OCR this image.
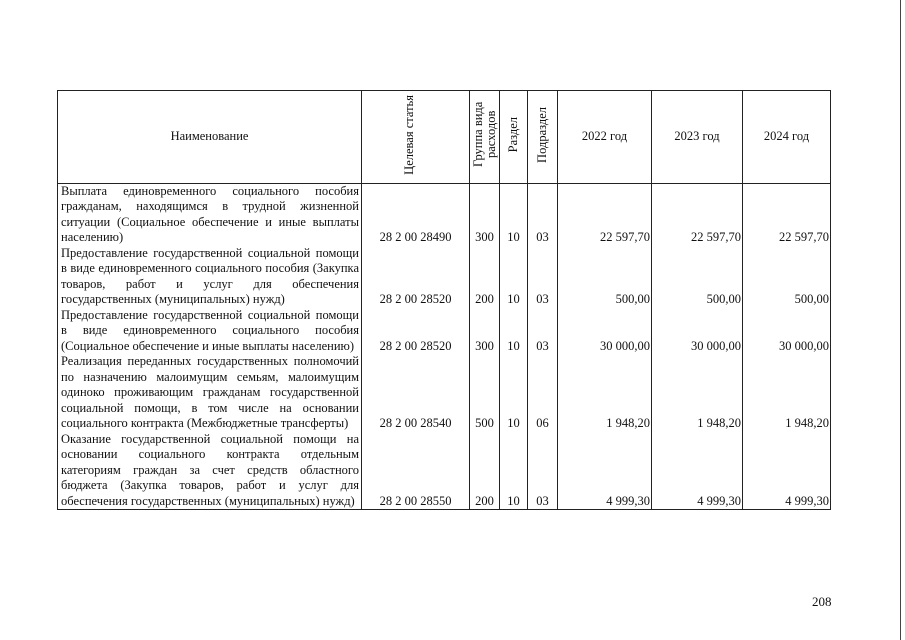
Наименование	Целевая статья	Группа вида расходов	Раздел	Подраздел	2022 год	2023 год	2024 год
Выплата единовременного социального пособия гражданам, находящимся в трудной жизненной ситуации (Социальное обеспечение и иные выплаты населению)	28 2 00 28490	300	10	03	22 597,70	22 597,70	22 597,70
Предоставление государственной социальной помощи в виде единовременного социального пособия (Закупка товаров, работ и услуг для обеспечения государственных (муниципальных) нужд)	28 2 00 28520	200	10	03	500,00	500,00	500,00
Предоставление государственной социальной помощи в виде единовременного социального пособия (Социальное обеспечение и иные выплаты населению)	28 2 00 28520	300	10	03	30 000,00	30 000,00	30 000,00
Реализация переданных государственных полномочий по назначению малоимущим семьям, малоимущим одиноко проживающим гражданам государственной социальной помощи, в том числе на основании социального контракта (Межбюджетные трансферты)	28 2 00 28540	500	10	06	1 948,20	1 948,20	1 948,20
Оказание государственной социальной помощи на основании социального контракта отдельным категориям граждан за счет средств областного бюджета (Закупка товаров, работ и услуг для обеспечения государственных (муниципальных) нужд)	28 2 00 28550	200	10	03	4 999,30	4 999,30	4 999,30
208
